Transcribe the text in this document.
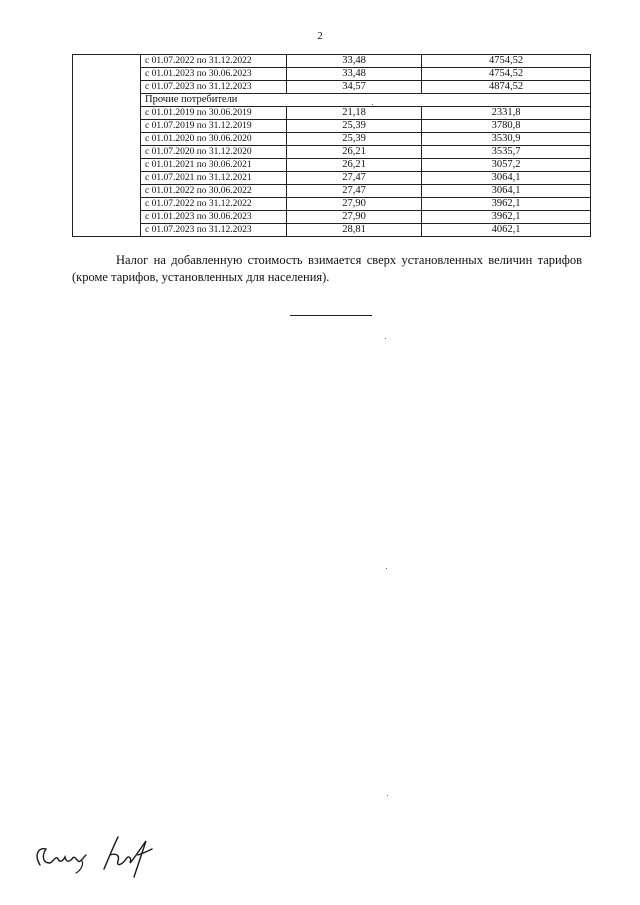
2
	с 01.07.2022 по 31.12.2022	33,48	4754,52
	с 01.01.2023 по 30.06.2023	33,48	4754,52
	с 01.07.2023 по 31.12.2023	34,57	4874,52
	Прочие потребители		
	с 01.01.2019 по 30.06.2019	21,18	2331,8
	с 01.07.2019 по 31.12.2019	25,39	3780,8
	с 01.01.2020 по 30.06.2020	25,39	3530,9
	с 01.07.2020 по 31.12.2020	26,21	3535,7
	с 01.01.2021 по 30.06.2021	26,21	3057,2
	с 01.07.2021 по 31.12.2021	27,47	3064,1
	с 01.01.2022 по 30.06.2022	27,47	3064,1
	с 01.07.2022 по 31.12.2022	27,90	3962,1
	с 01.01.2023 по 30.06.2023	27,90	3962,1
	с 01.07.2023 по 31.12.2023	28,81	4062,1

Налог на добавленную стоимость взимается сверх установленных величин тарифов (кроме тарифов, установленных для населения).
